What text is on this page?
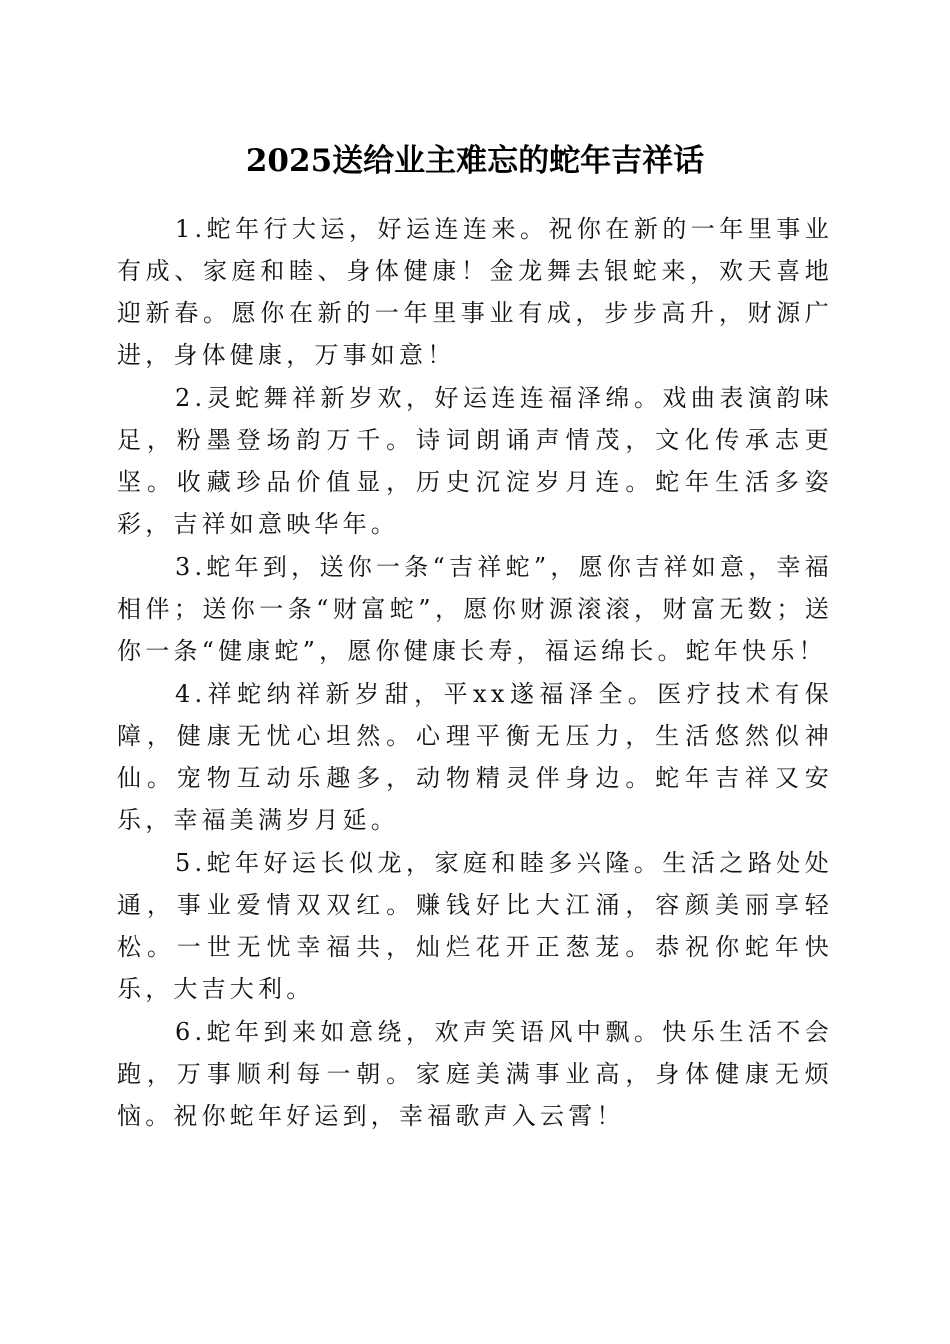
2025送给业主难忘的蛇年吉祥话

1.蛇年行大运，好运连连来。祝你在新的一年里事业有成、家庭和睦、身体健康！金龙舞去银蛇来，欢天喜地迎新春。愿你在新的一年里事业有成，步步高升，财源广进，身体健康，万事如意！

2.灵蛇舞祥新岁欢，好运连连福泽绵。戏曲表演韵味足，粉墨登场韵万千。诗词朗诵声情茂，文化传承志更坚。收藏珍品价值显，历史沉淀岁月连。蛇年生活多姿彩，吉祥如意映华年。

3.蛇年到，送你一条“吉祥蛇”，愿你吉祥如意，幸福相伴；送你一条“财富蛇”，愿你财源滚滚，财富无数；送你一条“健康蛇”，愿你健康长寿，福运绵长。蛇年快乐！

4.祥蛇纳祥新岁甜，平xx遂福泽全。医疗技术有保障，健康无忧心坦然。心理平衡无压力，生活悠然似神仙。宠物互动乐趣多，动物精灵伴身边。蛇年吉祥又安乐，幸福美满岁月延。

5.蛇年好运长似龙，家庭和睦多兴隆。生活之路处处通，事业爱情双双红。赚钱好比大江涌，容颜美丽享轻松。一世无忧幸福共，灿烂花开正葱茏。恭祝你蛇年快乐，大吉大利。

6.蛇年到来如意绕，欢声笑语风中飘。快乐生活不会跑，万事顺利每一朝。家庭美满事业高，身体健康无烦恼。祝你蛇年好运到，幸福歌声入云霄！
